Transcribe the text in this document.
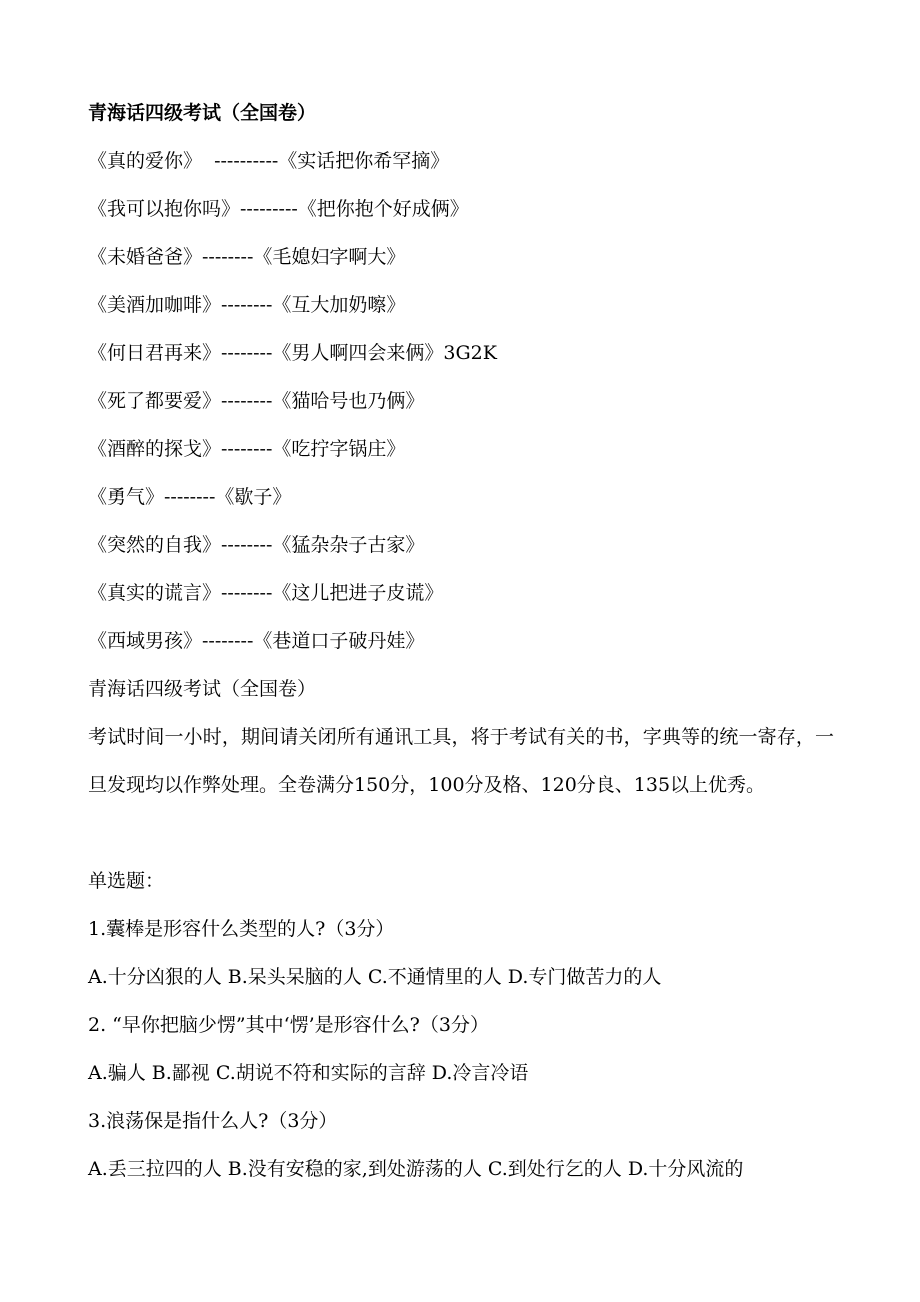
青海话四级考试（全国卷）

《真的爱你》  ----------《实话把你希罕摘》

《我可以抱你吗》---------《把你抱个好成俩》

《未婚爸爸》--------《毛媳妇字啊大》

《美酒加咖啡》--------《互大加奶嚓》

《何日君再来》--------《男人啊四会来俩》3G2K

《死了都要爱》--------《猫哈号也乃俩》

《酒醉的探戈》--------《吃拧字锅庄》

《勇气》--------《歇子》

《突然的自我》--------《猛杂杂子古家》

《真实的谎言》--------《这儿把进子皮谎》

《西域男孩》--------《巷道口子破丹娃》

青海话四级考试（全国卷）

考试时间一小时，期间请关闭所有通讯工具，将于考试有关的书，字典等的统一寄存，一旦发现均以作弊处理。全卷满分150分，100分及格、120分良、135以上优秀。

单选题：

1.囊棒是形容什么类型的人?（3分）

A.十分凶狠的人 B.呆头呆脑的人 C.不通情里的人 D.专门做苦力的人

2. “早你把脑少愣”其中‘愣’是形容什么?（3分）

A.骗人 B.鄙视 C.胡说不符和实际的言辞 D.冷言冷语

3.浪荡保是指什么人?（3分）

A.丢三拉四的人 B.没有安稳的家,到处游荡的人 C.到处行乞的人 D.十分风流的
